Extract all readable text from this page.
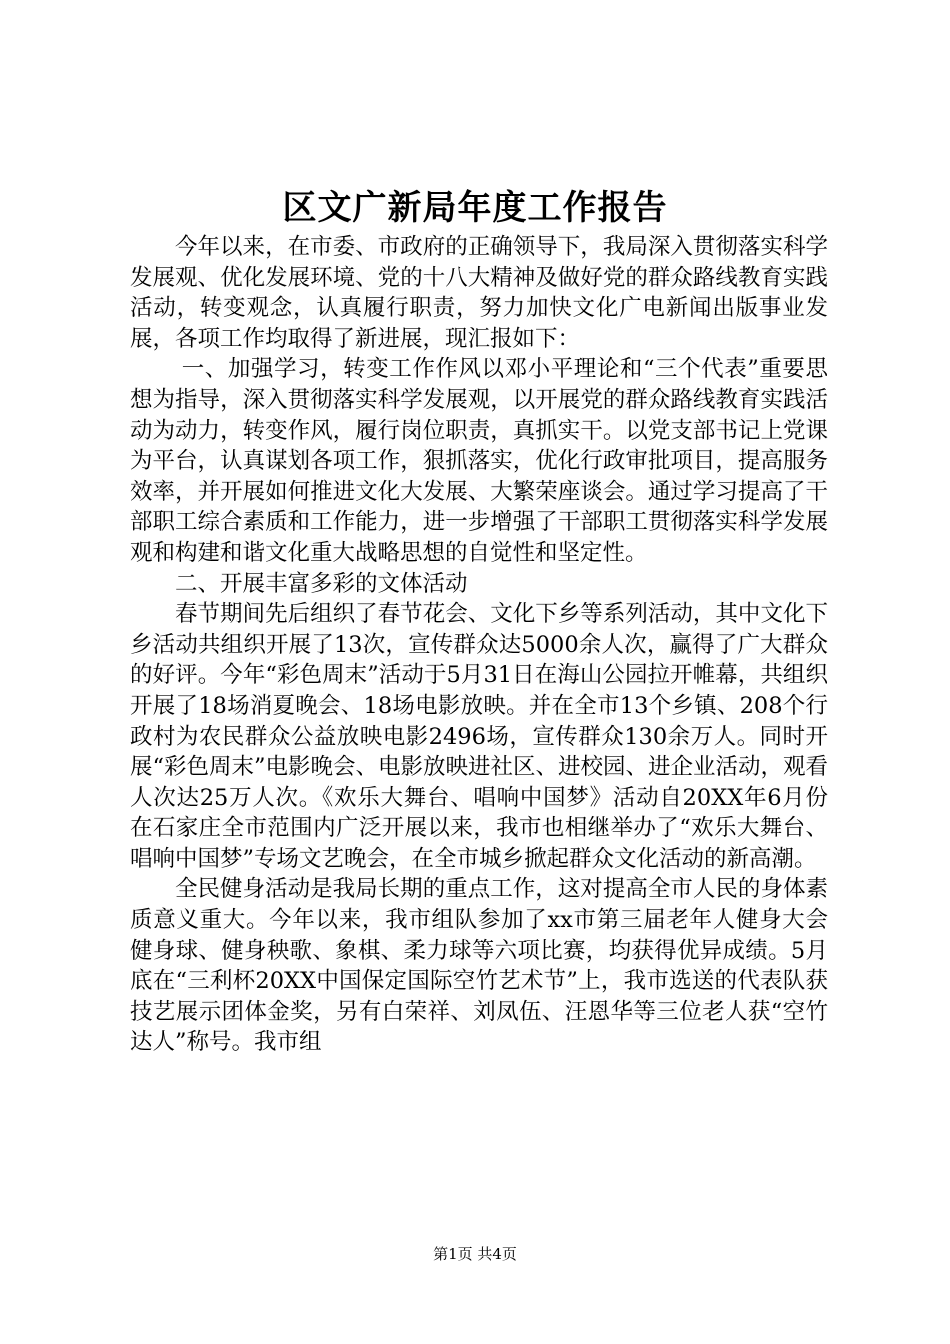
区文广新局年度工作报告

今年以来，在市委、市政府的正确领导下，我局深入贯彻落实科学发展观、优化发展环境、党的十八大精神及做好党的群众路线教育实践活动，转变观念，认真履行职责，努力加快文化广电新闻出版事业发展，各项工作均取得了新进展，现汇报如下：

一、加强学习，转变工作作风以邓小平理论和“三个代表”重要思想为指导，深入贯彻落实科学发展观，以开展党的群众路线教育实践活动为动力，转变作风，履行岗位职责，真抓实干。以党支部书记上党课为平台，认真谋划各项工作，狠抓落实，优化行政审批项目，提高服务效率，并开展如何推进文化大发展、大繁荣座谈会。通过学习提高了干部职工综合素质和工作能力，进一步增强了干部职工贯彻落实科学发展观和构建和谐文化重大战略思想的自觉性和坚定性。

二、开展丰富多彩的文体活动

春节期间先后组织了春节花会、文化下乡等系列活动，其中文化下乡活动共组织开展了13次，宣传群众达5000余人次，赢得了广大群众的好评。今年“彩色周末”活动于5月31日在海山公园拉开帷幕，共组织开展了18场消夏晚会、18场电影放映。并在全市13个乡镇、208个行政村为农民群众公益放映电影2496场，宣传群众130余万人。同时开展“彩色周末”电影晚会、电影放映进社区、进校园、进企业活动，观看人次达25万人次。《欢乐大舞台、唱响中国梦》活动自20XX年6月份在石家庄全市范围内广泛开展以来，我市也相继举办了“欢乐大舞台、唱响中国梦”专场文艺晚会，在全市城乡掀起群众文化活动的新高潮。

全民健身活动是我局长期的重点工作，这对提高全市人民的身体素质意义重大。今年以来，我市组队参加了xx市第三届老年人健身大会健身球、健身秧歌、象棋、柔力球等六项比赛，均获得优异成绩。5月底在“三利杯20XX中国保定国际空竹艺术节”上，我市选送的代表队获技艺展示团体金奖，另有白荣祥、刘凤伍、汪恩华等三位老人获“空竹达人”称号。我市组

第1页 共4页
